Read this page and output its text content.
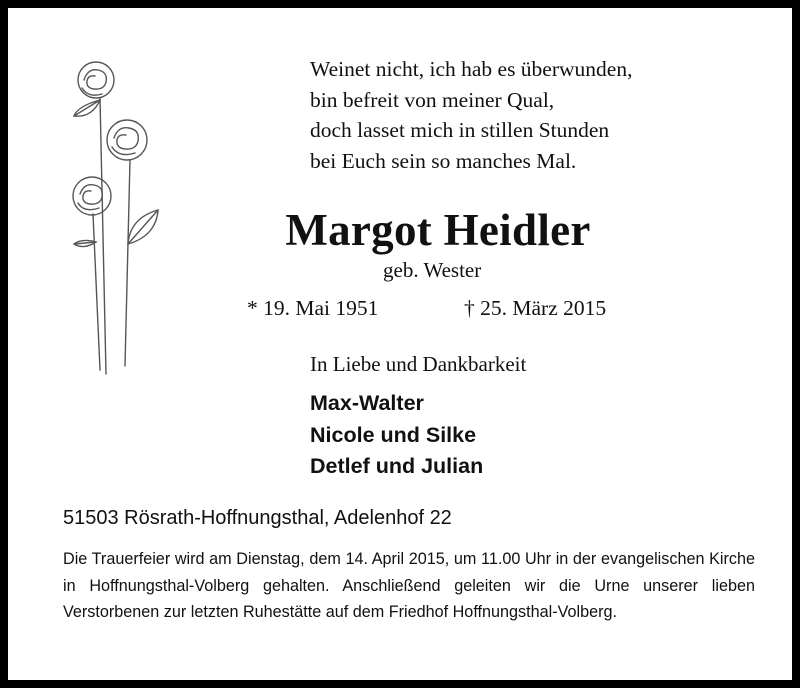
Weinet nicht, ich hab es überwunden,
bin befreit von meiner Qual,
doch lasset mich in stillen Stunden
bei Euch sein so manches Mal.
Margot Heidler
geb. Wester
* 19. Mai 1951	† 25. März 2015
In Liebe und Dankbarkeit
Max-Walter
Nicole und Silke
Detlef und Julian
51503 Rösrath-Hoffnungsthal, Adelenhof 22
Die Trauerfeier wird am Dienstag, dem 14. April 2015, um 11.00 Uhr in der evangelischen Kirche in Hoffnungsthal-Volberg gehalten. Anschließend geleiten wir die Urne unserer lieben Verstorbenen zur letzten Ruhestätte auf dem Friedhof Hoffnungsthal-Volberg.
